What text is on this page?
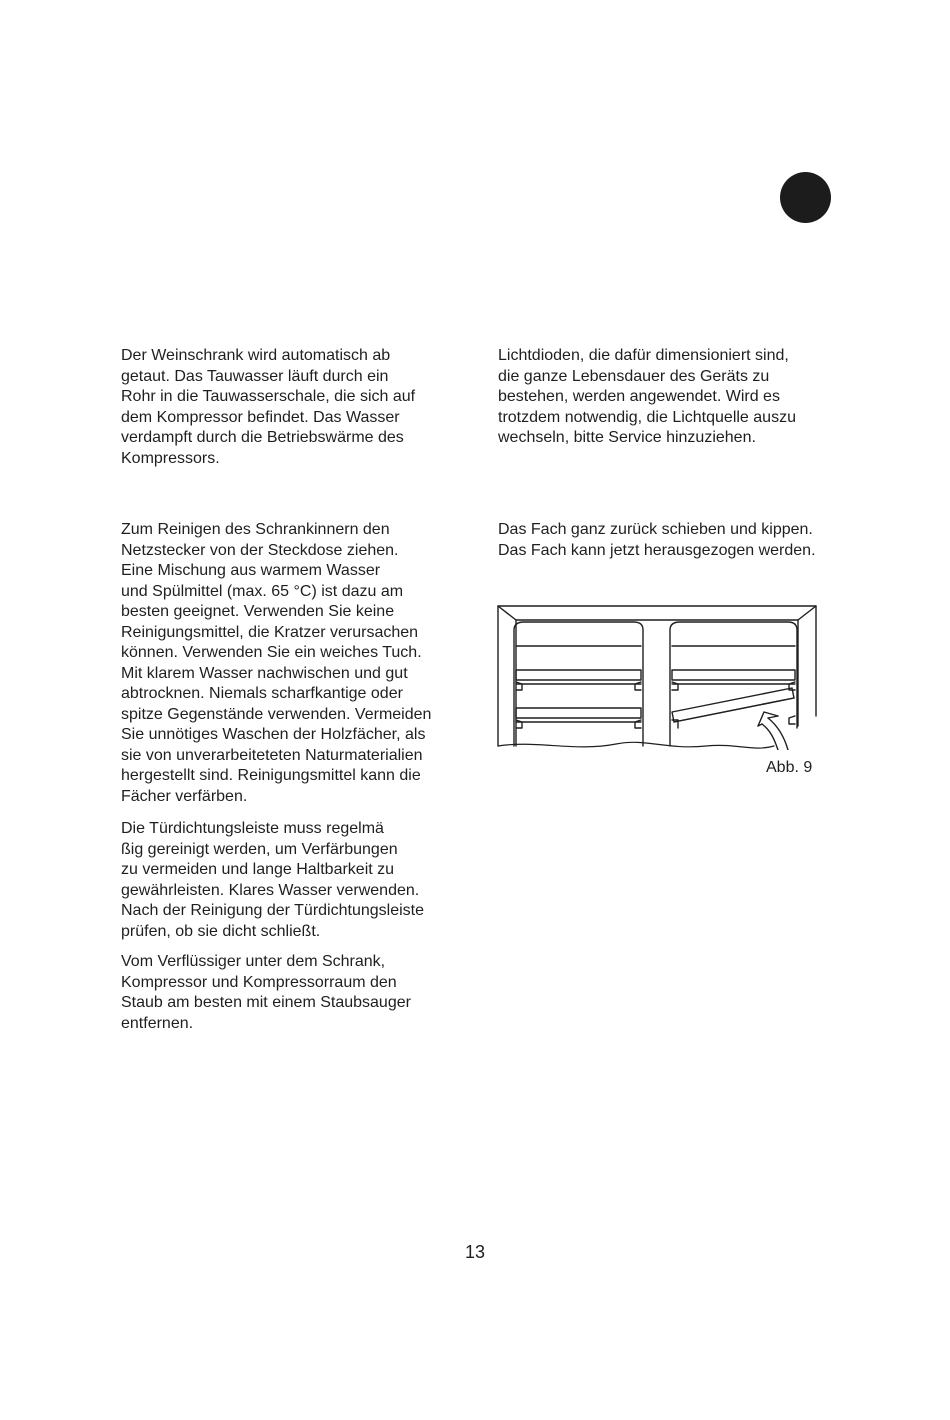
Der Weinschrank wird automatisch ab
getaut. Das Tauwasser läuft durch ein
Rohr in die Tauwasserschale, die sich auf
dem Kompressor befindet. Das Wasser
verdampft durch die Betriebswärme des
Kompressors.

Zum Reinigen des Schrankinnern den
Netzstecker von der Steckdose ziehen.
Eine Mischung aus warmem Wasser
und Spülmittel (max. 65 °C) ist dazu am
besten geeignet. Verwenden Sie keine
Reinigungsmittel, die Kratzer verursachen
können. Verwenden Sie ein weiches Tuch.
Mit klarem Wasser nachwischen und gut
abtrocknen. Niemals scharfkantige oder
spitze Gegenstände verwenden. Vermeiden
Sie unnötiges Waschen der Holzfächer, als
sie von unverarbeiteteten Naturmaterialien
hergestellt sind. Reinigungsmittel kann die
Fächer verfärben.

Die Türdichtungsleiste muss regelmä
ßig gereinigt werden, um Verfärbungen
zu vermeiden und lange Haltbarkeit zu
gewährleisten. Klares Wasser verwenden.
Nach der Reinigung der Türdichtungsleiste
prüfen, ob sie dicht schließt.

Vom Verflüssiger unter dem Schrank,
Kompressor und Kompressorraum den
Staub am besten mit einem Staubsauger
entfernen.

Lichtdioden, die dafür dimensioniert sind,
die ganze Lebensdauer des Geräts zu
bestehen, werden angewendet. Wird es
trotzdem notwendig, die Lichtquelle auszu
wechseln, bitte Service hinzuziehen.

Das Fach ganz zurück schieben und kippen.
Das Fach kann jetzt herausgezogen werden.

Abb. 9
13
